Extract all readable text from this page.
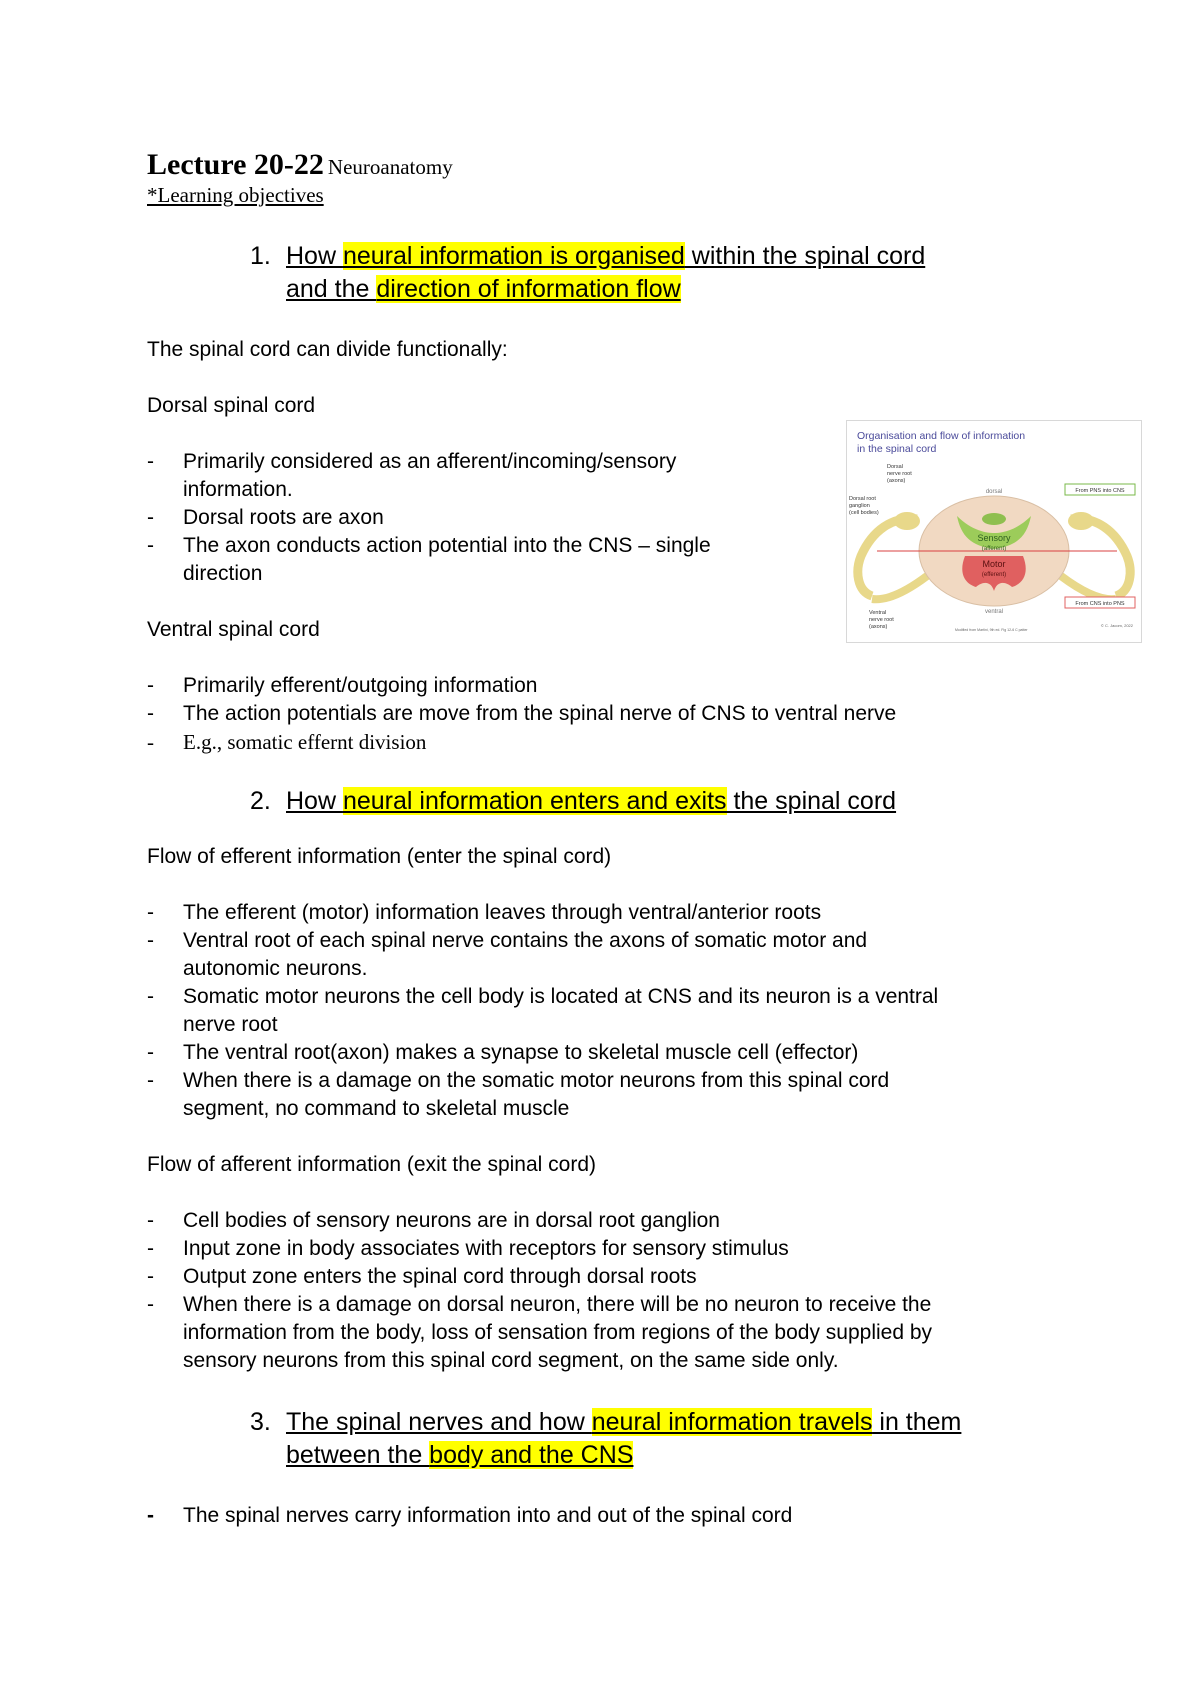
Lecture 20-22 Neuroanatomy
*Learning objectives
1. How neural information is organised within the spinal cord
and the direction of information flow
The spinal cord can divide functionally:
Dorsal spinal cord
- Primarily considered as an afferent/incoming/sensory
information.
- Dorsal roots are axon
- The axon conducts action potential into the CNS – single
direction
Ventral spinal cord
- Primarily efferent/outgoing information
- The action potentials are move from the spinal nerve of CNS to ventral nerve
- E.g., somatic effernt division
Organisation and flow of information
in the spinal cord
dorsal
ventral
Sensory
(afferent)
Motor
(efferent)
Dorsal
nerve root
(axons)
Dorsal root
ganglion
(cell bodies)
From PNS into CNS
From CNS into PNS
Ventral
nerve root
(axons)	Modified from Martini, 9th ed. Fig 12-6 C patter
© C. Jacom, 2022
2. How neural information enters and exits the spinal cord
Flow of efferent information (enter the spinal cord)
- The efferent (motor) information leaves through ventral/anterior roots
- Ventral root of each spinal nerve contains the axons of somatic motor and
autonomic neurons.
- Somatic motor neurons the cell body is located at CNS and its neuron is a ventral
nerve root
- The ventral root(axon) makes a synapse to skeletal muscle cell (effector)
- When there is a damage on the somatic motor neurons from this spinal cord
segment, no command to skeletal muscle
Flow of afferent information (exit the spinal cord)
- Cell bodies of sensory neurons are in dorsal root ganglion
- Input zone in body associates with receptors for sensory stimulus
- Output zone enters the spinal cord through dorsal roots
- When there is a damage on dorsal neuron, there will be no neuron to receive the
information from the body, loss of sensation from regions of the body supplied by
sensory neurons from this spinal cord segment, on the same side only.
3. The spinal nerves and how neural information travels in them
between the body and the CNS
- The spinal nerves carry information into and out of the spinal cord
